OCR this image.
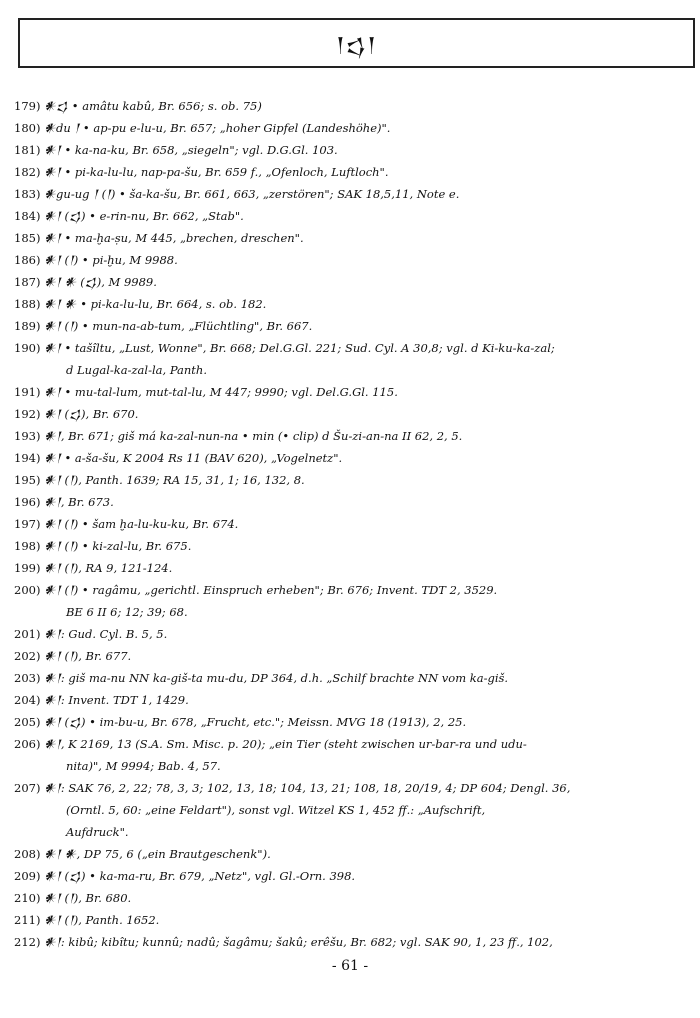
𒁹𒌓𒁹
179) 𒀭𒌓 • amâtu kabû, Br. 656; s. ob. 75)
180) 𒀭du 𒁹 • ap-pu e-lu-u, Br. 657; „hoher Gipfel (Landeshöhe)".
181) 𒀭𒁹 • ka-na-ku, Br. 658, „siegeln"; vgl. D.G.Gl. 103.
182) 𒀭𒁹 • pi-ka-lu-lu, nap-pa-šu, Br. 659 f., „Ofenloch, Luftloch".
183) 𒀭gu-ug 𒁹 (𒁹) • ša-ka-šu, Br. 661, 663, „zerstören"; SAK 18,5,11, Note e.
184) 𒀭𒁹 (𒌓) • e-rin-nu, Br. 662, „Stab".
185) 𒀭𒁹 • ma-ḫa-ṣu, M 445, „brechen, dreschen".
186) 𒀭𒁹 (𒁹) • pi-ḫu, M 9988.
187) 𒀭𒁹 𒀭 (𒌓), M 9989.
188) 𒀭𒁹 𒀭 • pi-ka-lu-lu, Br. 664, s. ob. 182.
189) 𒀭𒁹 (𒁹) • mun-na-ab-tum, „Flüchtling", Br. 667.
190) 𒀭𒁹 • tašîltu, „Lust, Wonne", Br. 668; Del.G.Gl. 221; Sud. Cyl. A 30,8; vgl. d Ki-ku-ka-zal;
d Lugal-ka-zal-la, Panth.
191) 𒀭𒁹 • mu-tal-lum, mut-tal-lu, M 447; 9990; vgl. Del.G.Gl. 115.
192) 𒀭𒁹 (𒌓), Br. 670.
193) 𒀭𒁹, Br. 671; giš má ka-zal-nun-na • min (• clip) d Šu-zi-an-na II 62, 2, 5.
194) 𒀭𒁹 • a-ša-šu, K 2004 Rs 11 (BAV 620), „Vogelnetz".
195) 𒀭𒁹 (𒁹), Panth. 1639; RA 15, 31, 1; 16, 132, 8.
196) 𒀭𒁹, Br. 673.
197) 𒀭𒁹 (𒁹) • šam ḫa-lu-ku-ku, Br. 674.
198) 𒀭𒁹 (𒁹) • ki-zal-lu, Br. 675.
199) 𒀭𒁹 (𒁹), RA 9, 121-124.
200) 𒀭𒁹 (𒁹) • ragâmu, „gerichtl. Einspruch erheben"; Br. 676; Invent. TDT 2, 3529.
BE 6 II 6; 12; 39; 68.
201) 𒀭𒁹: Gud. Cyl. B. 5, 5.
202) 𒀭𒁹 (𒁹), Br. 677.
203) 𒀭𒁹: giš ma-nu NN ka-giš-ta mu-du, DP 364, d.h. „Schilf brachte NN vom ka-giš.
204) 𒀭𒁹: Invent. TDT 1, 1429.
205) 𒀭𒁹 (𒌓) • im-bu-u, Br. 678, „Frucht, etc."; Meissn. MVG 18 (1913), 2, 25.
206) 𒀭𒁹, K 2169, 13 (S.A. Sm. Misc. p. 20); „ein Tier (steht zwischen ur-bar-ra und udu-
nita)", M 9994; Bab. 4, 57.
207) 𒀭𒁹: SAK 76, 2, 22; 78, 3, 3; 102, 13, 18; 104, 13, 21; 108, 18, 20/19, 4; DP 604; Dengl. 36,
(Orntl. 5, 60: „eine Feldart"), sonst vgl. Witzel KS 1, 452 ff.: „Aufschrift,
Aufdruck".
208) 𒀭𒁹 𒀭, DP 75, 6 („ein Brautgeschenk").
209) 𒀭𒁹 (𒌓) • ka-ma-ru, Br. 679, „Netz", vgl. Gl.-Orn. 398.
210) 𒀭𒁹 (𒁹), Br. 680.
211) 𒀭𒁹 (𒁹), Panth. 1652.
212) 𒀭𒁹: kibû; kibîtu; kunnû; nadû; šagâmu; šakû; erêšu, Br. 682; vgl. SAK 90, 1, 23 ff., 102,
- 61 -
